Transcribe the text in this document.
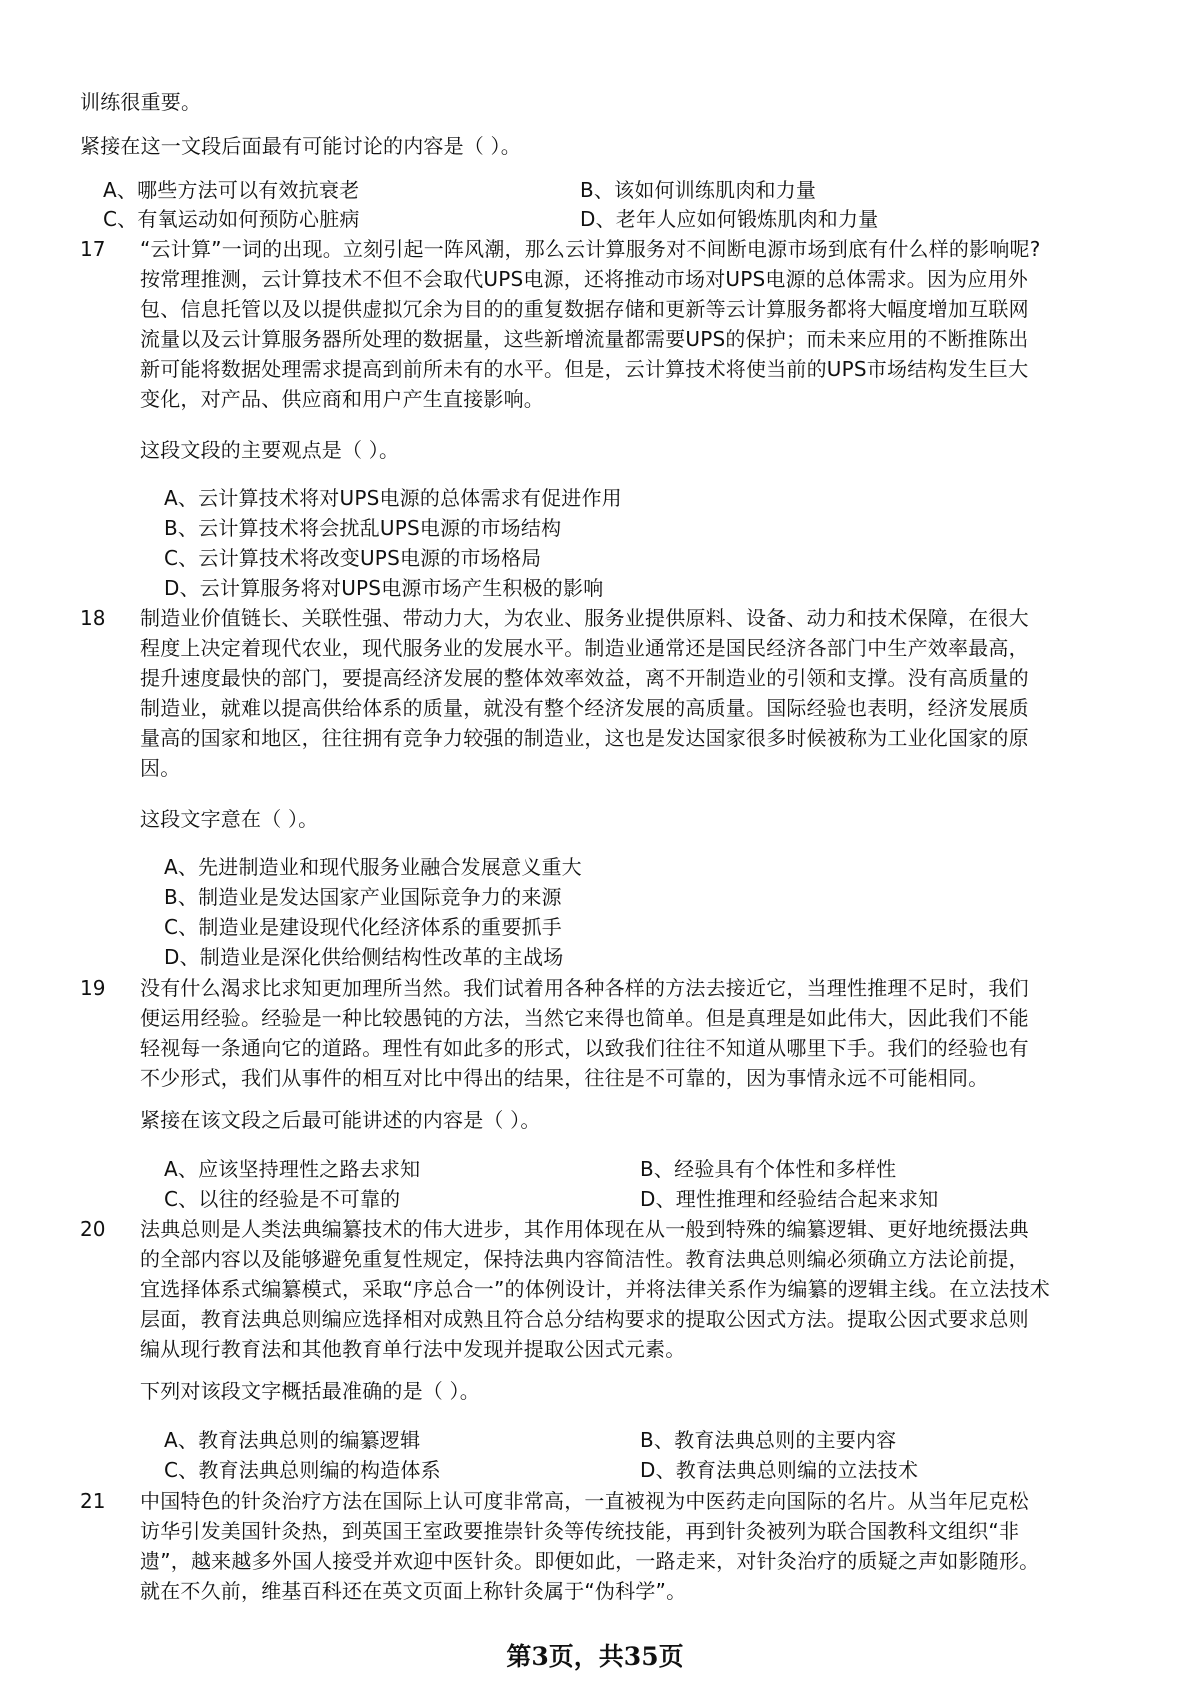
训练很重要。
紧接在这一文段后面最有可能讨论的内容是（ ）。
A、哪些方法可以有效抗衰老	B、该如何训练肌肉和力量
C、有氧运动如何预防心脏病	D、老年人应如何锻炼肌肉和力量
17 “云计算”一词的出现。立刻引起一阵风潮，那么云计算服务对不间断电源市场到底有什么样的影响呢?
按常理推测，云计算技术不但不会取代UPS电源，还将推动市场对UPS电源的总体需求。因为应用外
包、信息托管以及以提供虚拟冗余为目的的重复数据存储和更新等云计算服务都将大幅度增加互联网
流量以及云计算服务器所处理的数据量，这些新增流量都需要UPS的保护；而未来应用的不断推陈出
新可能将数据处理需求提高到前所未有的水平。但是，云计算技术将使当前的UPS市场结构发生巨大
变化，对产品、供应商和用户产生直接影响。
这段文段的主要观点是（ ）。
A、云计算技术将对UPS电源的总体需求有促进作用
B、云计算技术将会扰乱UPS电源的市场结构
C、云计算技术将改变UPS电源的市场格局
D、云计算服务将对UPS电源市场产生积极的影响
18 制造业价值链长、关联性强、带动力大，为农业、服务业提供原料、设备、动力和技术保障，在很大
程度上决定着现代农业，现代服务业的发展水平。制造业通常还是国民经济各部门中生产效率最高，
提升速度最快的部门，要提高经济发展的整体效率效益，离不开制造业的引领和支撑。没有高质量的
制造业，就难以提高供给体系的质量，就没有整个经济发展的高质量。国际经验也表明，经济发展质
量高的国家和地区，往往拥有竞争力较强的制造业，这也是发达国家很多时候被称为工业化国家的原
因。
这段文字意在（ ）。
A、先进制造业和现代服务业融合发展意义重大
B、制造业是发达国家产业国际竞争力的来源
C、制造业是建设现代化经济体系的重要抓手
D、制造业是深化供给侧结构性改革的主战场
19 没有什么渴求比求知更加理所当然。我们试着用各种各样的方法去接近它，当理性推理不足时，我们
便运用经验。经验是一种比较愚钝的方法，当然它来得也简单。但是真理是如此伟大，因此我们不能
轻视每一条通向它的道路。理性有如此多的形式，以致我们往往不知道从哪里下手。我们的经验也有
不少形式，我们从事件的相互对比中得出的结果，往往是不可靠的，因为事情永远不可能相同。
紧接在该文段之后最可能讲述的内容是（ ）。
A、应该坚持理性之路去求知	B、经验具有个体性和多样性
C、以往的经验是不可靠的	D、理性推理和经验结合起来求知
20 法典总则是人类法典编纂技术的伟大进步，其作用体现在从一般到特殊的编纂逻辑、更好地统摄法典
的全部内容以及能够避免重复性规定，保持法典内容简洁性。教育法典总则编必须确立方法论前提，
宜选择体系式编纂模式，采取“序总合一”的体例设计，并将法律关系作为编纂的逻辑主线。在立法技术
层面，教育法典总则编应选择相对成熟且符合总分结构要求的提取公因式方法。提取公因式要求总则
编从现行教育法和其他教育单行法中发现并提取公因式元素。
下列对该段文字概括最准确的是（ ）。
A、教育法典总则的编纂逻辑	B、教育法典总则的主要内容
C、教育法典总则编的构造体系	D、教育法典总则编的立法技术
21 中国特色的针灸治疗方法在国际上认可度非常高，一直被视为中医药走向国际的名片。从当年尼克松
访华引发美国针灸热，到英国王室政要推崇针灸等传统技能，再到针灸被列为联合国教科文组织“非
遗”，越来越多外国人接受并欢迎中医针灸。即便如此，一路走来，对针灸治疗的质疑之声如影随形。
就在不久前，维基百科还在英文页面上称针灸属于“伪科学”。
第3页，共35页
